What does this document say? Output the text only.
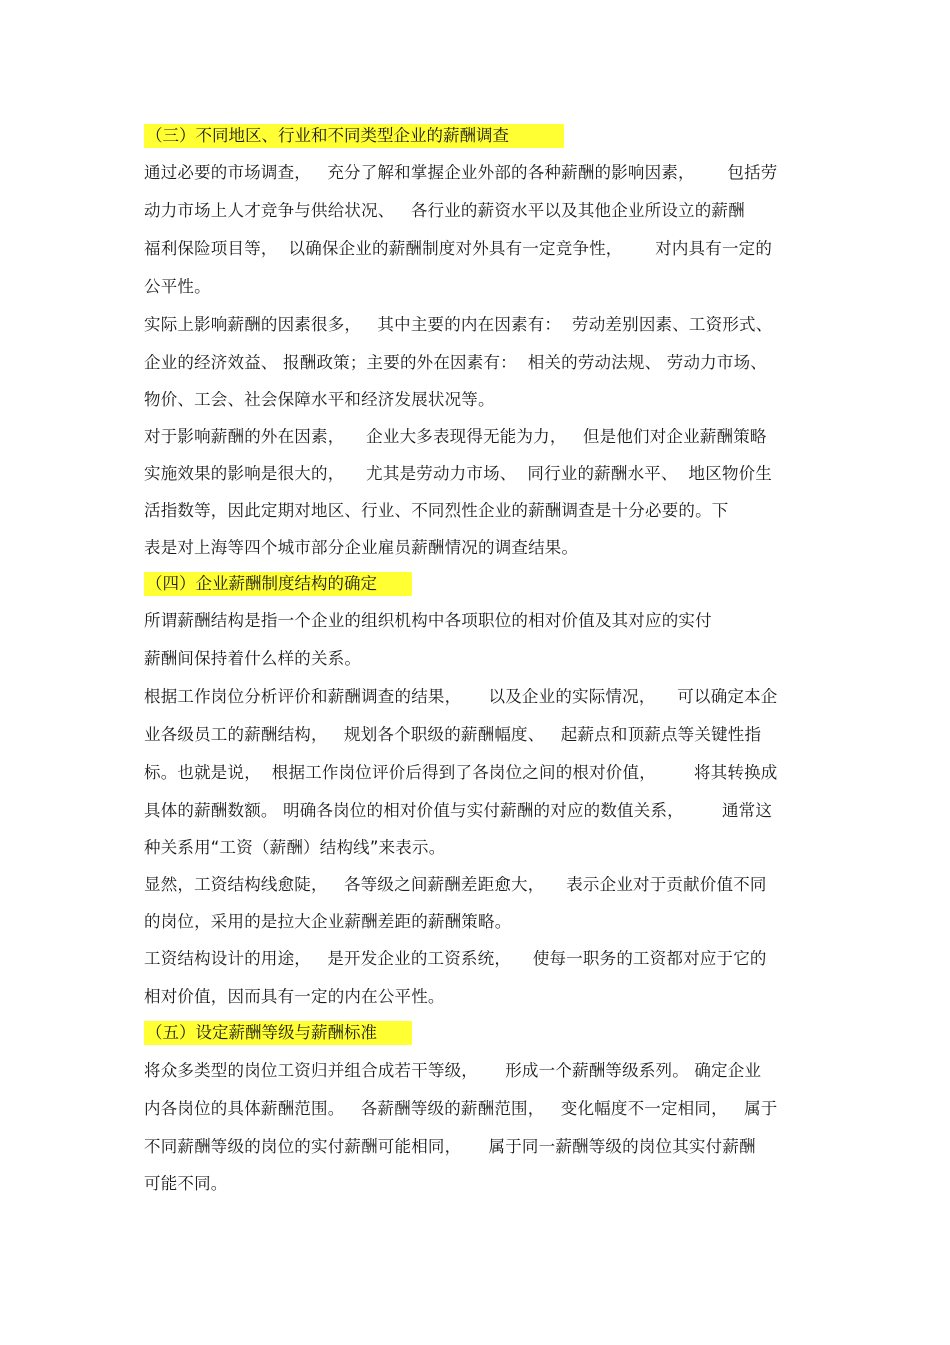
（三）不同地区、行业和不同类型企业的薪酬调查
通过必要的市场调查，   充分了解和掌握企业外部的各种薪酬的影响因素，      包括劳
动力市场上人才竞争与供给状况、   各行业的薪资水平以及其他企业所设立的薪酬
福利保险项目等，  以确保企业的薪酬制度对外具有一定竞争性，      对内具有一定的
公平性。
实际上影响薪酬的因素很多，   其中主要的内在因素有：  劳动差别因素、工资形式、
企业的经济效益、 报酬政策；主要的外在因素有：  相关的劳动法规、 劳动力市场、
物价、工会、社会保障水平和经济发展状况等。
对于影响薪酬的外在因素，    企业大多表现得无能为力，   但是他们对企业薪酬策略
实施效果的影响是很大的，    尤其是劳动力市场、  同行业的薪酬水平、  地区物价生
活指数等，因此定期对地区、行业、不同烈性企业的薪酬调查是十分必要的。下
表是对上海等四个城市部分企业雇员薪酬情况的调查结果。
（四）企业薪酬制度结构的确定
所谓薪酬结构是指一个企业的组织机构中各项职位的相对价值及其对应的实付
薪酬间保持着什么样的关系。
根据工作岗位分析评价和薪酬调查的结果，     以及企业的实际情况，    可以确定本企
业各级员工的薪酬结构，   规划各个职级的薪酬幅度、   起薪点和顶薪点等关键性指
标。也就是说，  根据工作岗位评价后得到了各岗位之间的根对价值，       将其转换成
具体的薪酬数额。 明确各岗位的相对价值与实付薪酬的对应的数值关系，       通常这
种关系用“工资（薪酬）结构线”来表示。
显然，工资结构线愈陡，   各等级之间薪酬差距愈大，    表示企业对于贡献价值不同
的岗位，采用的是拉大企业薪酬差距的薪酬策略。
工资结构设计的用途，   是开发企业的工资系统，    使每一职务的工资都对应于它的
相对价值，因而具有一定的内在公平性。
（五）设定薪酬等级与薪酬标准
将众多类型的岗位工资归并组合成若干等级，     形成一个薪酬等级系列。 确定企业
内各岗位的具体薪酬范围。   各薪酬等级的薪酬范围，   变化幅度不一定相同，   属于
不同薪酬等级的岗位的实付薪酬可能相同，     属于同一薪酬等级的岗位其实付薪酬
可能不同。
